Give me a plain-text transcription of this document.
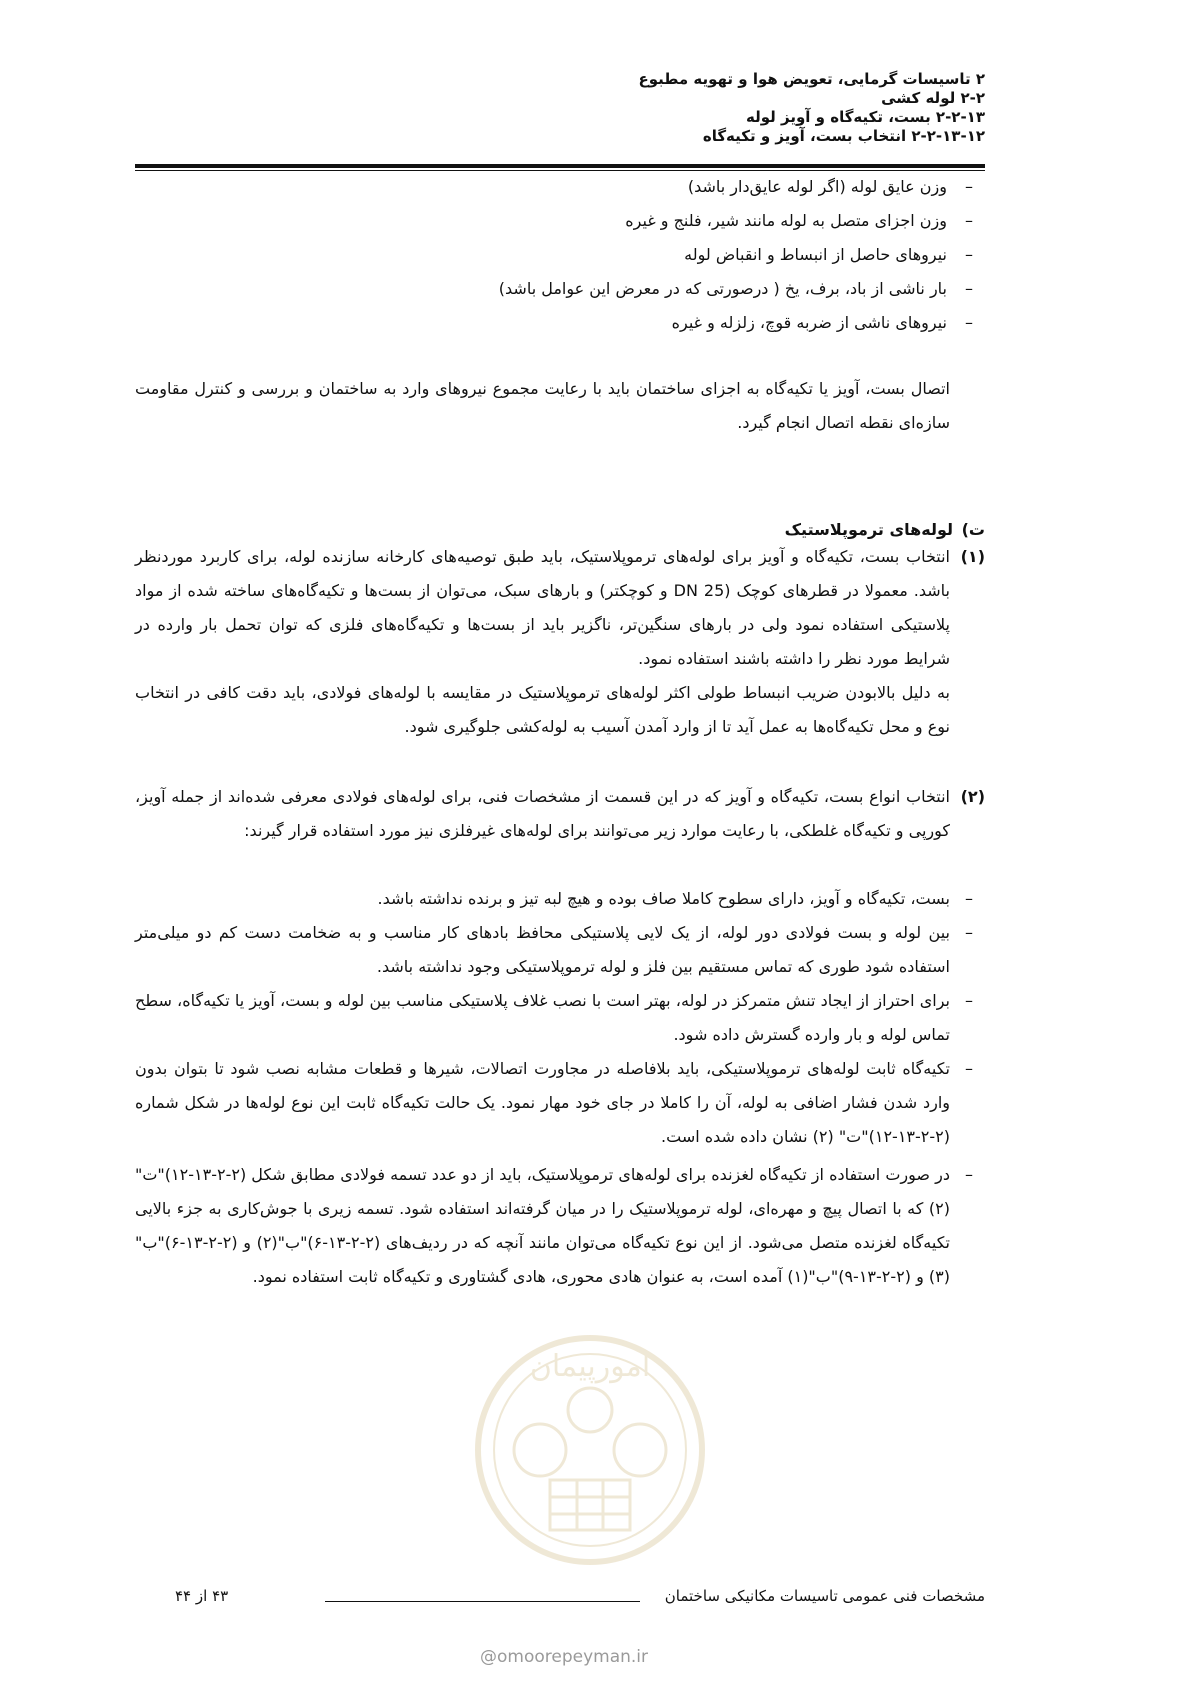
۲ تاسیسات گرمایی، تعویض هوا و تهویه مطبوع
۲-۲ لوله کشی
۲-۲-۱۳ بست، تکیه‌گاه و آویز لوله
۲-۲-۱۳-۱۲ انتخاب بست، آویز و تکیه‌گاه
–وزن عایق لوله (اگر لوله عایق‌دار باشد)
–وزن اجزای متصل به لوله مانند شیر، فلنج و غیره
–نیروهای حاصل از انبساط و انقباض لوله
–بار ناشی از باد، برف، یخ ( درصورتی که در معرض این عوامل باشد)
–نیروهای ناشی از ضربه قوچ، زلزله و غیره
اتصال بست، آویز یا تکیه‌گاه به اجزای ساختمان باید با رعایت مجموع نیروهای وارد به ساختمان و بررسی و کنترل مقاومت سازه‌ای نقطه اتصال انجام گیرد.
ت)لوله‌های ترموپلاستیک
(۱)
انتخاب بست، تکیه‌گاه و آویز برای لوله‌های ترموپلاستیک، باید طبق توصیه‌های کارخانه سازنده لوله، برای کاربرد موردنظر باشد. معمولا در قطرهای کوچک (DN 25 و کوچکتر) و بارهای سبک، می‌توان از بست‌ها و تکیه‌گاه‌های ساخته شده از مواد پلاستیکی استفاده نمود ولی در بارهای سنگین‌تر، ناگزیر باید از بست‌ها و تکیه‌گاه‌های فلزی که توان تحمل بار وارده در شرایط مورد نظر را داشته باشند استفاده نمود.
به دلیل بالابودن ضریب انبساط طولی اکثر لوله‌های ترموپلاستیک در مقایسه با لوله‌های فولادی، باید دقت کافی در انتخاب نوع و محل تکیه‌گاه‌ها به عمل آید تا از وارد آمدن آسیب به لوله‌کشی جلوگیری شود.
(۲)
انتخاب انواع بست، تکیه‌گاه و آویز که در این قسمت از مشخصات فنی، برای لوله‌های فولادی معرفی شده‌اند از جمله آویز، کورپی و تکیه‌گاه غلطکی، با رعایت موارد زیر می‌توانند برای لوله‌های غیرفلزی نیز مورد استفاده قرار گیرند:
–
بست، تکیه‌گاه و آویز، دارای سطوح کاملا صاف بوده و هیچ لبه تیز و برنده نداشته باشد.
–
بین لوله و بست فولادی دور لوله، از یک لایی پلاستیکی محافظ بادهای کار مناسب و به ضخامت دست کم دو میلی‌متر استفاده شود طوری که تماس مستقیم بین فلز و لوله ترموپلاستیکی وجود نداشته باشد.
–
برای احتراز از ایجاد تنش متمرکز در لوله، بهتر است با نصب غلاف پلاستیکی مناسب بین لوله و بست، آویز یا تکیه‌گاه، سطح تماس لوله و بار وارده گسترش داده شود.
–
تکیه‌گاه ثابت لوله‌های ترموپلاستیکی، باید بلافاصله در مجاورت اتصالات، شیرها و قطعات مشابه نصب شود تا بتوان بدون وارد شدن فشار اضافی به لوله، آن را کاملا در جای خود مهار نمود. یک حالت تکیه‌گاه ثابت این نوع لوله‌ها در شکل شماره (۲-۲-۱۳-۱۲)"ت" (۲) نشان داده شده است.
–
در صورت استفاده از تکیه‌گاه لغزنده برای لوله‌های ترموپلاستیک، باید از دو عدد تسمه فولادی مطابق شکل (۲-۲-۱۳-۱۲)"ت"(۲) که با اتصال پیچ و مهره‌ای، لوله ترموپلاستیک را در میان گرفته‌اند استفاده شود. تسمه زیری با جوش‌کاری به جزء بالایی تکیه‌گاه لغزنده متصل می‌شود. از این نوع تکیه‌گاه می‌توان مانند آنچه که در ردیف‌های (۲-۲-۱۳-۶)"ب"(۲) و (۲-۲-۱۳-۶)"ب"(۳) و (۲-۲-۱۳-۹)"ب"(۱) آمده است، به عنوان هادی محوری، هادی گشتاوری و تکیه‌گاه ثابت استفاده نمود.
امورپیمان
مشخصات فنی عمومی تاسیسات مکانیکی ساختمان
۴۳ از ۴۴
@omoorepeyman.ir
